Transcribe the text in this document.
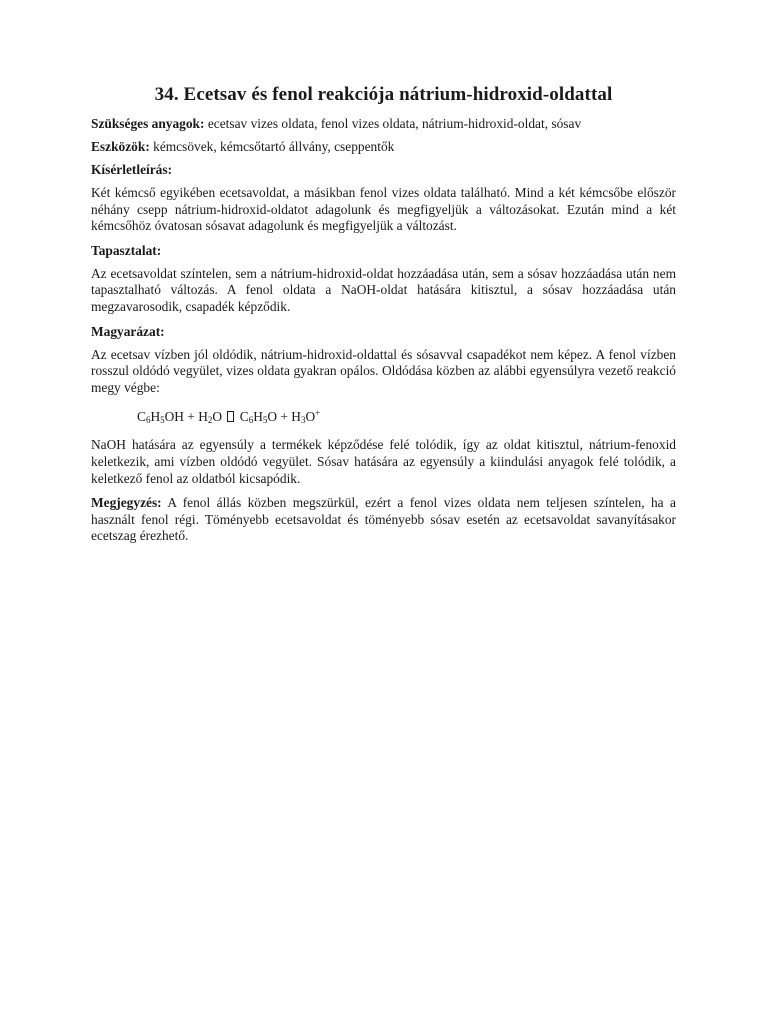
34. Ecetsav és fenol reakciója nátrium-hidroxid-oldattal

Szükséges anyagok: ecetsav vizes oldata, fenol vizes oldata, nátrium-hidroxid-oldat, sósav

Eszközök: kémcsövek, kémcsőtartó állvány, cseppentők

Kísérletleírás:

Két kémcső egyikében ecetsavoldat, a másikban fenol vizes oldata található. Mind a két kémcsőbe először néhány csepp nátrium-hidroxid-oldatot adagolunk és megfigyeljük a változásokat. Ezután mind a két kémcsőhöz óvatosan sósavat adagolunk és megfigyeljük a változást.

Tapasztalat:

Az ecetsavoldat színtelen, sem a nátrium-hidroxid-oldat hozzáadása után, sem a sósav hozzáadása után nem tapasztalható változás. A fenol oldata a NaOH-oldat hatására kitisztul, a sósav hozzáadása után megzavarosodik, csapadék képződik.

Magyarázat:

Az ecetsav vízben jól oldódik, nátrium-hidroxid-oldattal és sósavval csapadékot nem képez. A fenol vízben rosszul oldódó vegyület, vizes oldata gyakran opálos. Oldódása közben az alábbi egyensúlyra vezető reakció megy végbe:

$C_6H_5OH + H_2O$  $C_6H_5O + H_3O^+$

NaOH hatására az egyensúly a termékek képződése felé tolódik, így az oldat kitisztul, nátrium-fenoxid keletkezik, ami vízben oldódó vegyület. Sósav hatására az egyensúly a kiindulási anyagok felé tolódik, a keletkező fenol az oldatból kicsapódik.

Megjegyzés: A fenol állás közben megszürkül, ezért a fenol vizes oldata nem teljesen színtelen, ha a használt fenol régi. Töményebb ecetsavoldat és töményebb sósav esetén az ecetsavoldat savanyításakor ecetszag érezhető.
